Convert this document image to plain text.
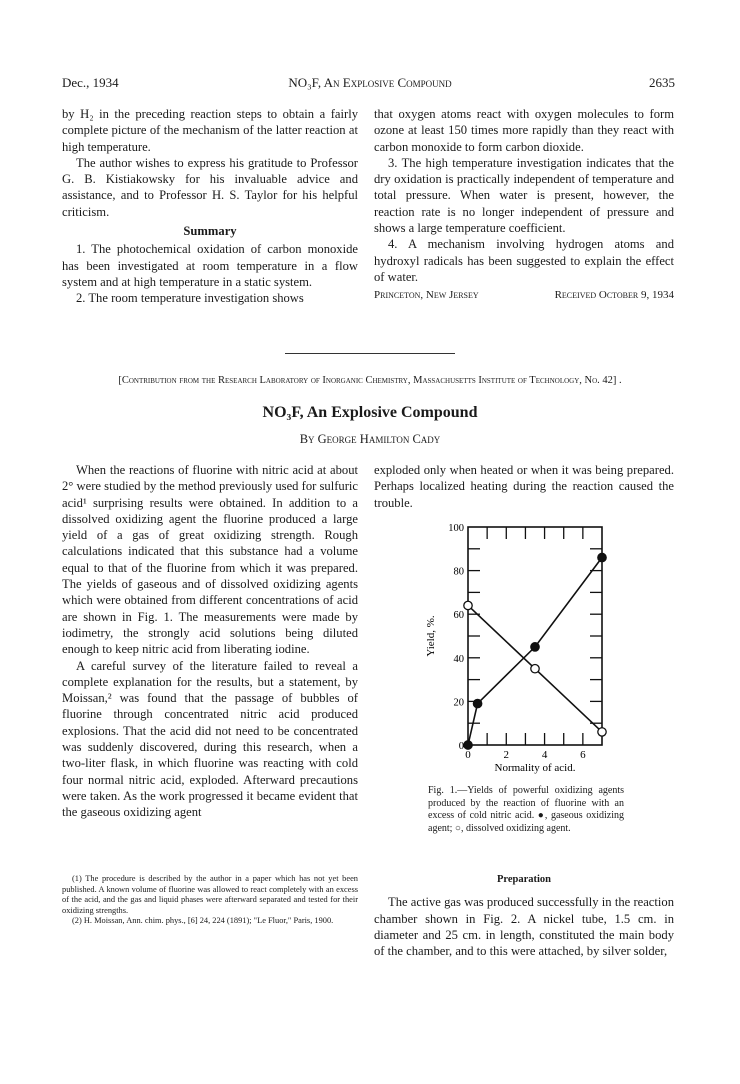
Dec., 1934	NO₃F, An Explosive Compound	2635

by H₂ in the preceding reaction steps to obtain a fairly complete picture of the mechanism of the latter reaction at high temperature.

The author wishes to express his gratitude to Professor G. B. Kistiakowsky for his invaluable advice and assistance, and to Professor H. S. Taylor for his helpful criticism.

Summary

1. The photochemical oxidation of carbon monoxide has been investigated at room temperature in a flow system and at high temperature in a static system.

2. The room temperature investigation shows

that oxygen atoms react with oxygen molecules to form ozone at least 150 times more rapidly than they react with carbon monoxide to form carbon dioxide.

3. The high temperature investigation indicates that the dry oxidation is practically independent of temperature and total pressure. When water is present, however, the reaction rate is no longer independent of pressure and shows a large temperature coefficient.

4. A mechanism involving hydrogen atoms and hydroxyl radicals has been suggested to explain the effect of water.

Princeton, New Jersey	Received October 9, 1934
[Contribution from the Research Laboratory of Inorganic Chemistry, Massachusetts Institute of Technology, No. 42] .
NO₃F, An Explosive Compound
By George Hamilton Cady

When the reactions of fluorine with nitric acid at about 2° were studied by the method previously used for sulfuric acid¹ surprising results were obtained. In addition to a dissolved oxidizing agent the fluorine produced a large yield of a gas of great oxidizing strength. Rough calculations indicated that this substance had a volume equal to that of the fluorine from which it was prepared. The yields of gaseous and of dissolved oxidizing agents which were obtained from different concentrations of acid are shown in Fig. 1. The measurements were made by iodimetry, the strongly acid solutions being diluted enough to keep nitric acid from liberating iodine.

A careful survey of the literature failed to reveal a complete explanation for the results, but a statement, by Moissan,² was found that the passage of bubbles of fluorine through concentrated nitric acid produced explosions. That the acid did not need to be concentrated was suddenly discovered, during this research, when a two-liter flask, in which fluorine was reacting with cold four normal nitric acid, exploded. Afterward precautions were taken. As the work progressed it became evident that the gaseous oxidizing agent

(1) The procedure is described by the author in a paper which has not yet been published. A known volume of fluorine was allowed to react completely with an excess of the acid, and the gas and liquid phases were afterward separated and tested for their oxidizing strengths.

(2) H. Moissan, Ann. chim. phys., [6] 24, 224 (1891); "Le Fluor," Paris, 1900.

exploded only when heated or when it was being prepared. Perhaps localized heating during the reaction caused the trouble.

0	2	4	6
0
20
40
60
80
100
Normality of acid.
Yield, %.
Fig. 1.—Yields of powerful oxidizing agents produced by the reaction of fluorine with an excess of cold nitric acid. ●, gaseous oxidizing agent; ○, dissolved oxidizing agent.
Preparation

The active gas was produced successfully in the reaction chamber shown in Fig. 2. A nickel tube, 1.5 cm. in diameter and 25 cm. in length, constituted the main body of the chamber, and to this were attached, by silver solder,
